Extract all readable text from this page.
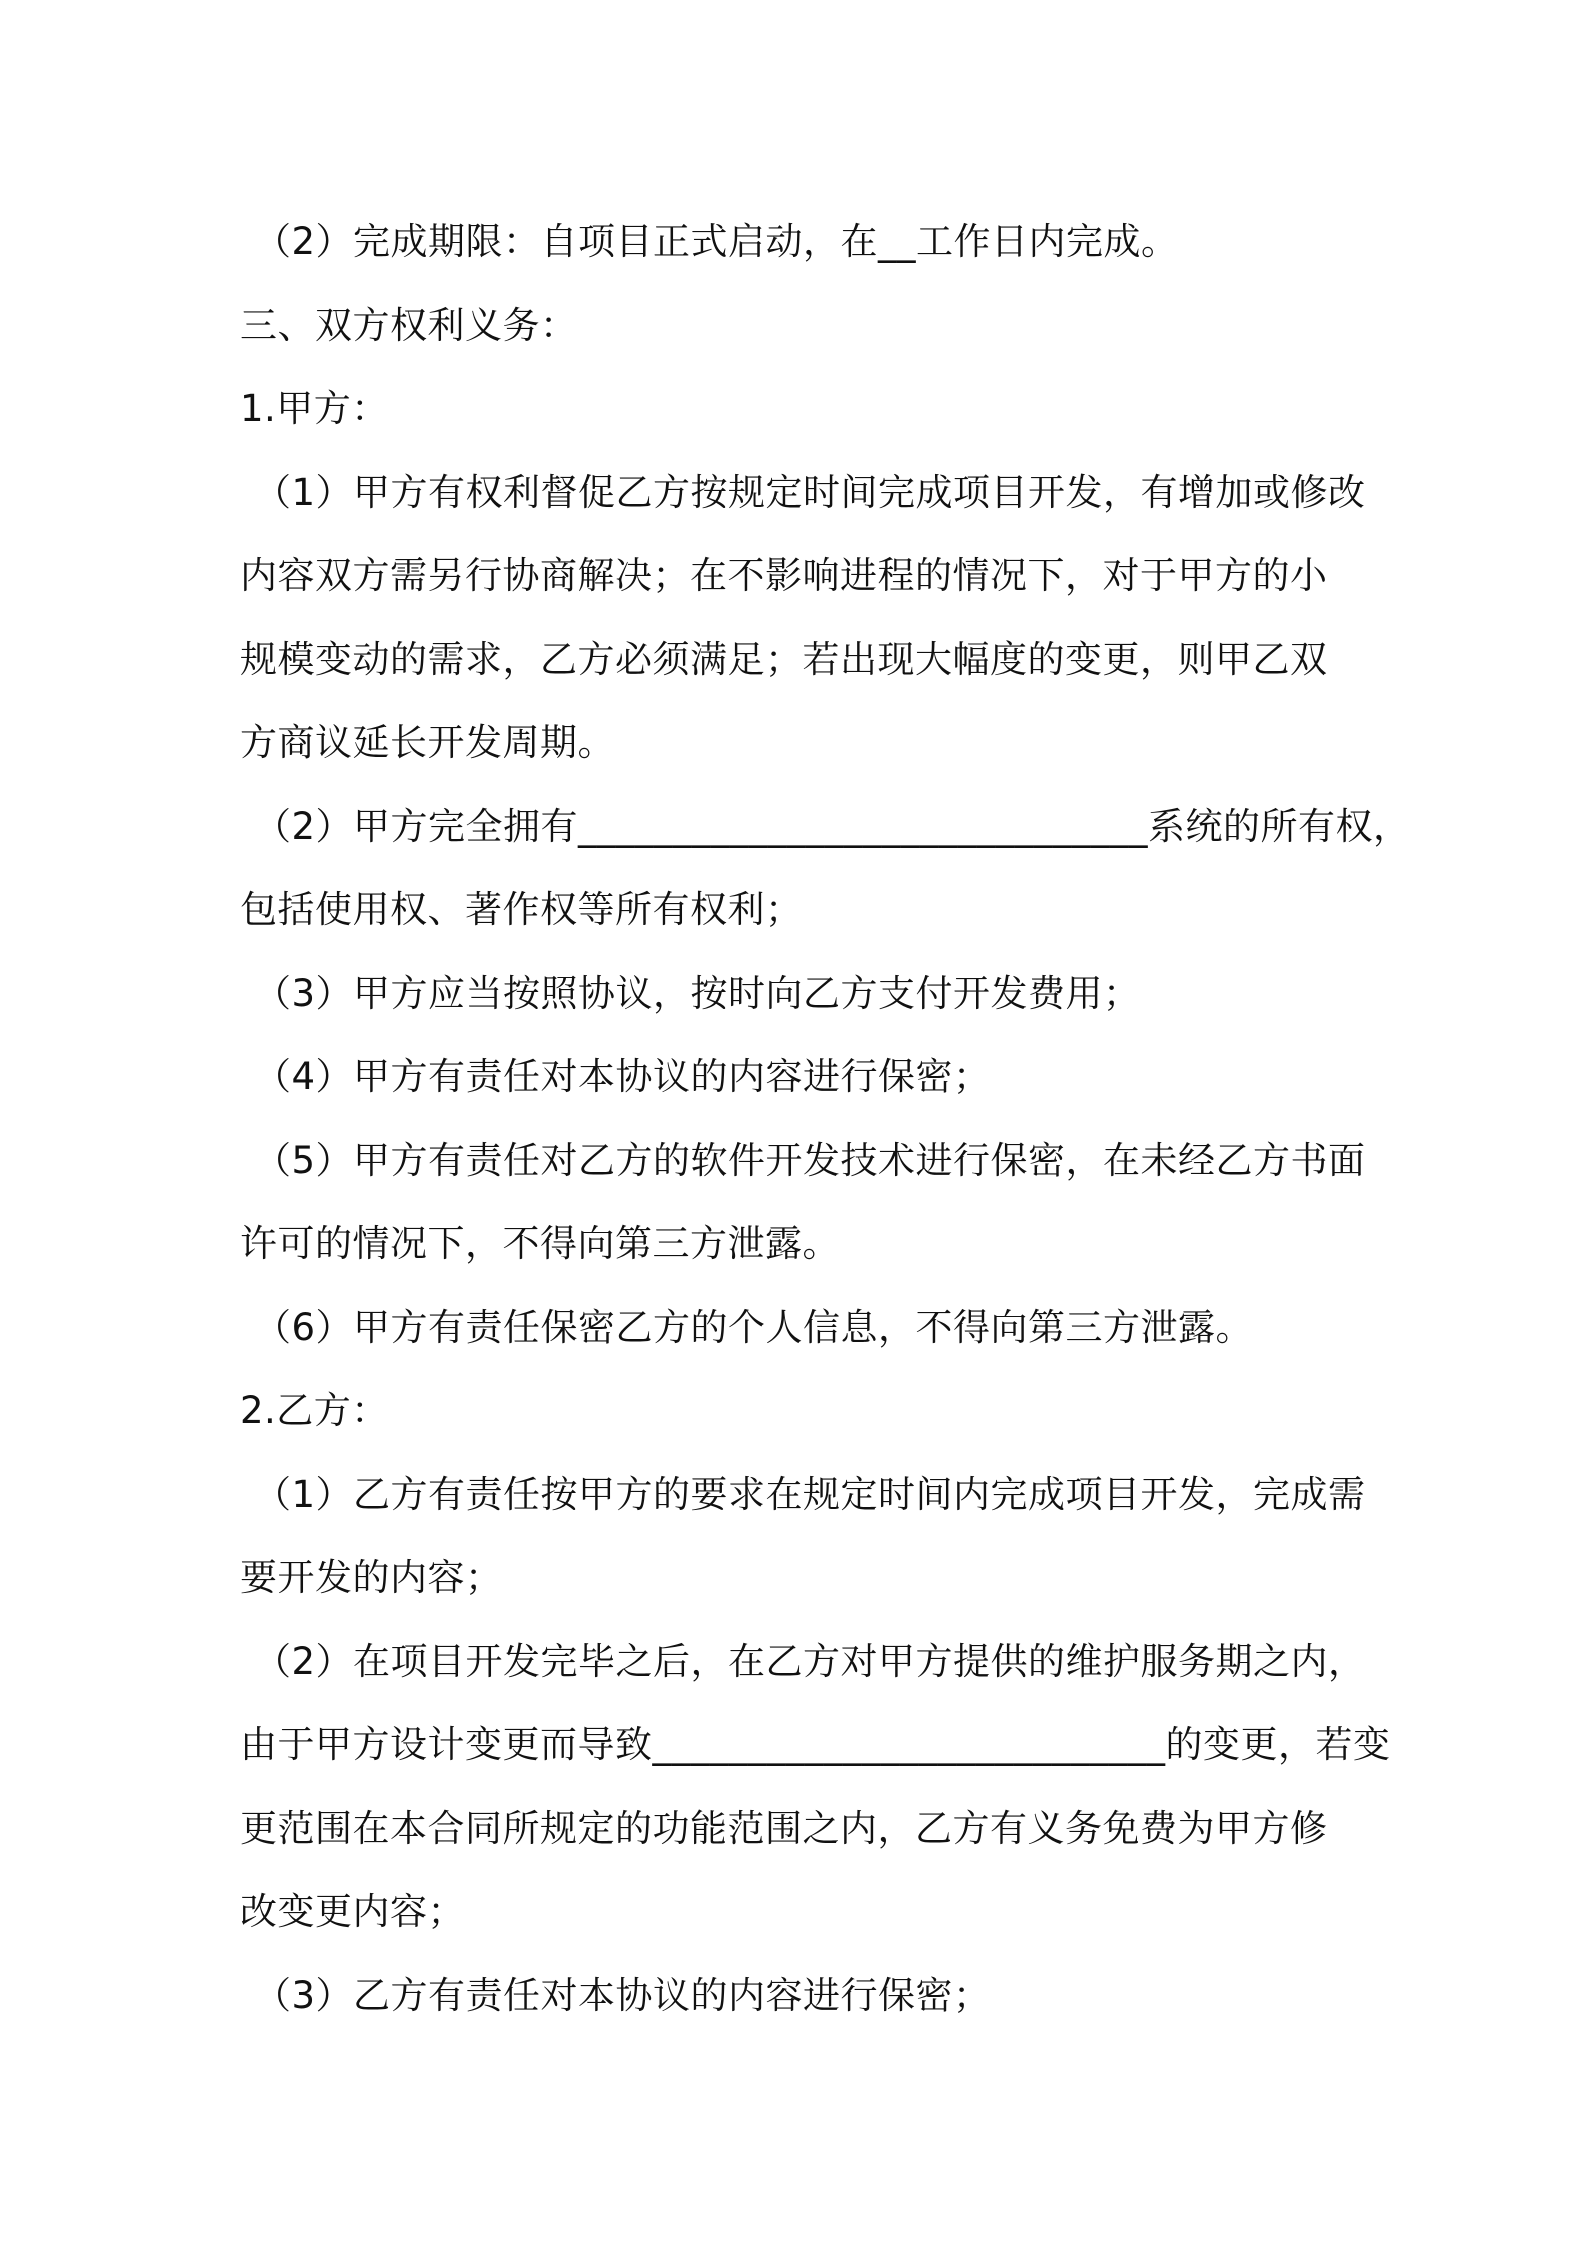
（2）完成期限：自项目正式启动，在__工作日内完成。
三、双方权利义务：
1.甲方：
（1）甲方有权利督促乙方按规定时间完成项目开发，有增加或修改
内容双方需另行协商解决；在不影响进程的情况下，对于甲方的小
规模变动的需求，乙方必须满足；若出现大幅度的变更，则甲乙双
方商议延长开发周期。
（2）甲方完全拥有______________________________系统的所有权，
包括使用权、著作权等所有权利；
（3）甲方应当按照协议，按时向乙方支付开发费用；
（4）甲方有责任对本协议的内容进行保密；
（5）甲方有责任对乙方的软件开发技术进行保密，在未经乙方书面
许可的情况下，不得向第三方泄露。
（6）甲方有责任保密乙方的个人信息，不得向第三方泄露。
2.乙方：
（1）乙方有责任按甲方的要求在规定时间内完成项目开发，完成需
要开发的内容；
（2）在项目开发完毕之后，在乙方对甲方提供的维护服务期之内，
由于甲方设计变更而导致___________________________的变更，若变
更范围在本合同所规定的功能范围之内，乙方有义务免费为甲方修
改变更内容；
（3）乙方有责任对本协议的内容进行保密；
